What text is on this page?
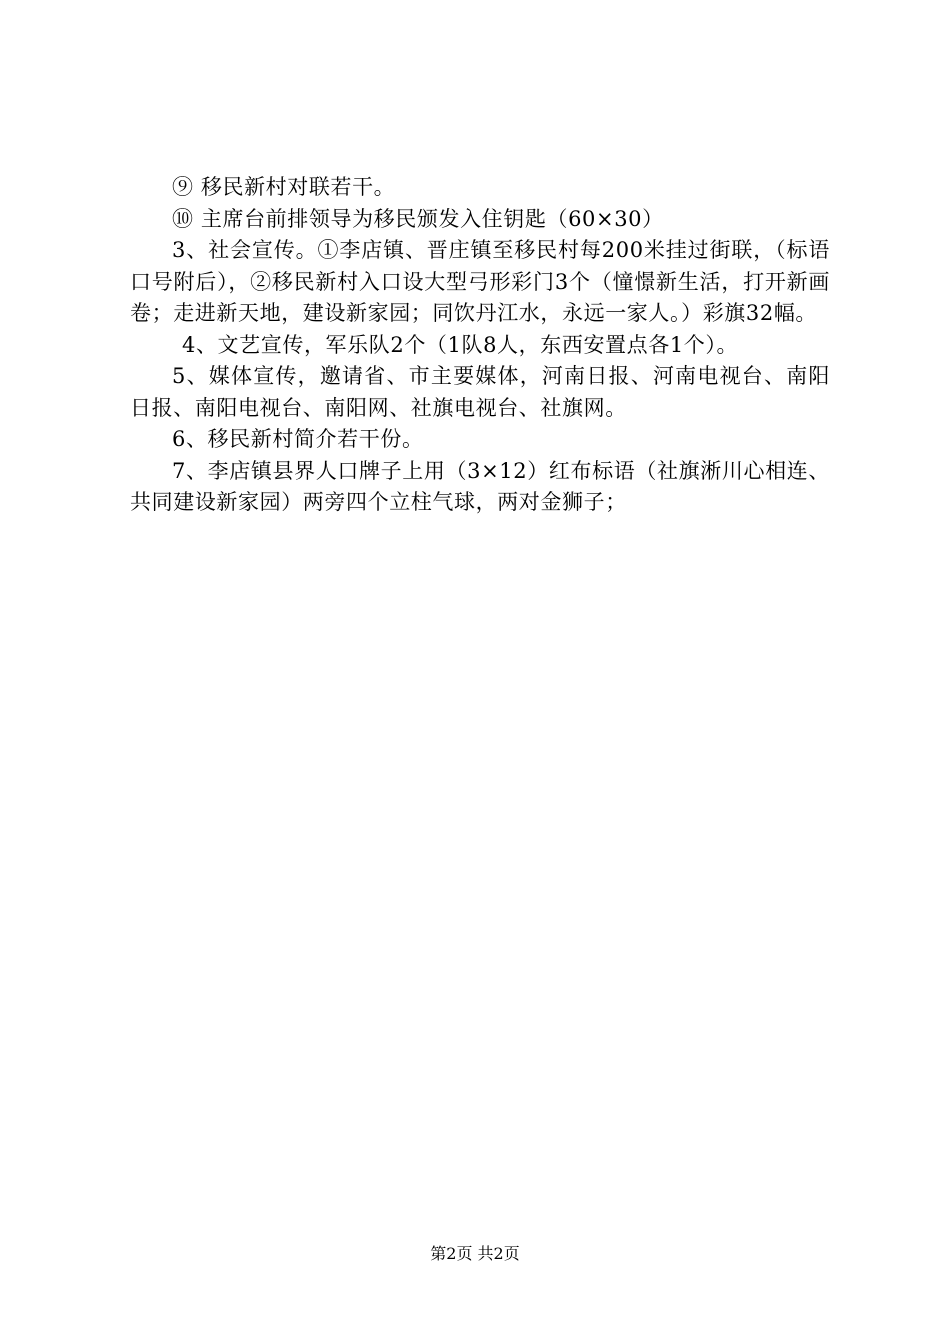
⑨ 移民新村对联若干。

⑩ 主席台前排领导为移民颁发入住钥匙（60×30）

3、社会宣传。①李店镇、晋庄镇至移民村每200米挂过街联，（标语口号附后），②移民新村入口设大型弓形彩门3个（憧憬新生活，打开新画卷；走进新天地，建设新家园；同饮丹江水，永远一家人。）彩旗32幅。

4、文艺宣传，军乐队2个（1队8人，东西安置点各1个）。

5、媒体宣传，邀请省、市主要媒体，河南日报、河南电视台、南阳日报、南阳电视台、南阳网、社旗电视台、社旗网。

6、移民新村简介若干份。

7、李店镇县界人口牌子上用（3×12）红布标语（社旗淅川心相连、共同建设新家园）两旁四个立柱气球，两对金狮子；

第2页 共2页
